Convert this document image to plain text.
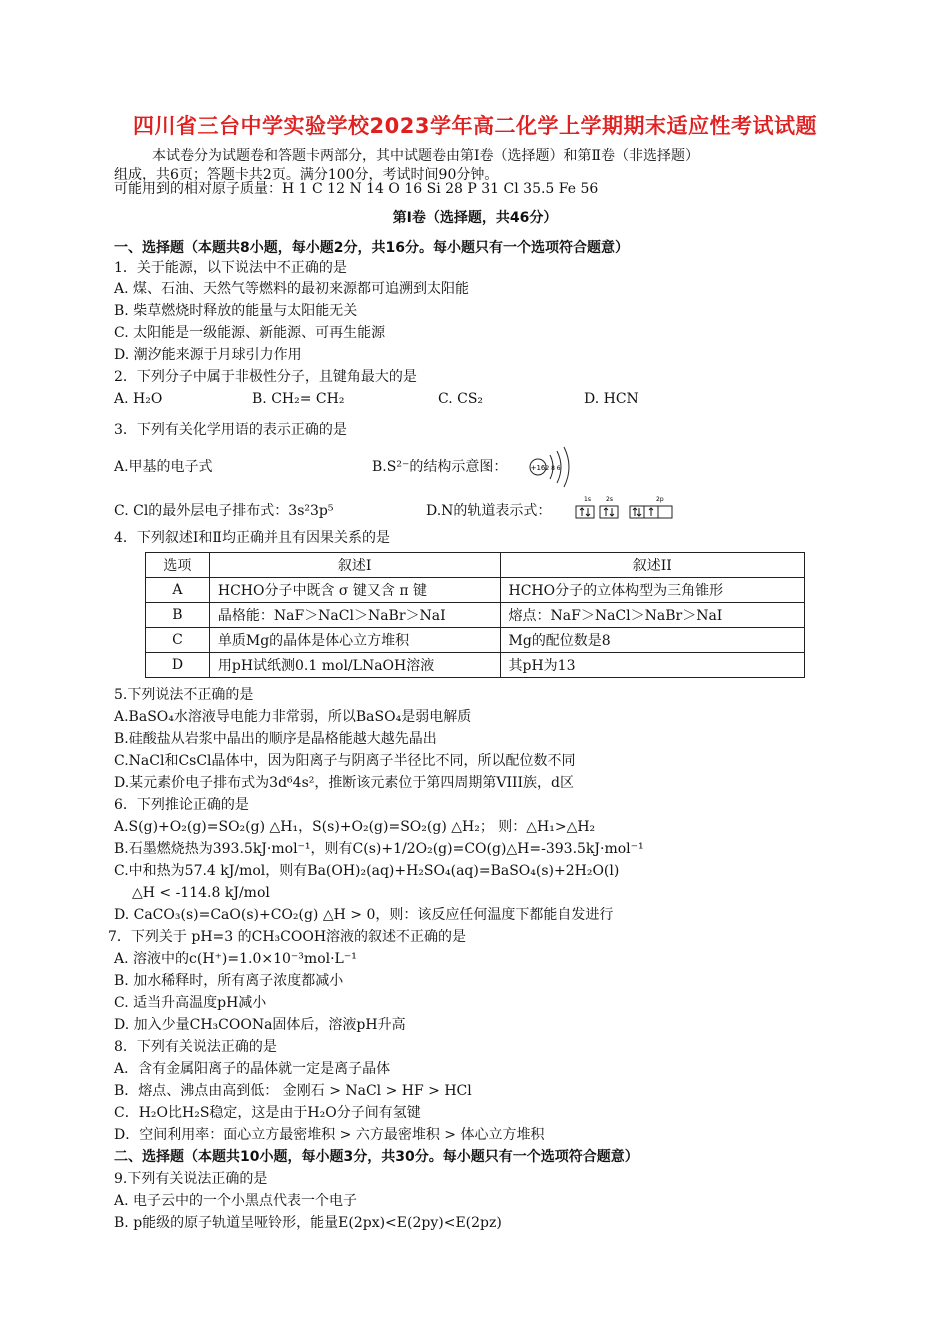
四川省三台中学实验学校2023学年高二化学上学期期末适应性考试试题
本试卷分为试题卷和答题卡两部分，其中试题卷由第Ⅰ卷（选择题）和第Ⅱ卷（非选择题）
组成，共6页；答题卡共2页。满分100分，考试时间90分钟。
可能用到的相对原子质量：H 1 C 12 N 14 O 16 Si 28 P 31 Cl 35.5 Fe 56
第Ⅰ卷（选择题，共46分）
一、选择题（本题共8小题，每小题2分，共16分。每小题只有一个选项符合题意）
1．关于能源，以下说法中不正确的是
A. 煤、石油、天然气等燃料的最初来源都可追溯到太阳能
B. 柴草燃烧时释放的能量与太阳能无关
C. 太阳能是一级能源、新能源、可再生能源
D. 潮汐能来源于月球引力作用
2．下列分子中属于非极性分子，且键角最大的是
A. H₂O	B. CH₂= CH₂	C. CS₂	D. HCN
3．下列有关化学用语的表示正确的是
A.甲基的电子式	B.S²⁻的结构示意图：	+16 2 8 6
C. Cl的最外层电子排布式：3s²3p⁵	D.N的轨道表示式：
1s	2s	2p
4．下列叙述Ⅰ和Ⅱ均正确并且有因果关系的是
选项	叙述Ⅰ	叙述II
A	HCHO分子中既含 σ 键又含 π 键	HCHO分子的立体构型为三角锥形
B	晶格能：NaF＞NaCl＞NaBr＞NaI	熔点：NaF＞NaCl＞NaBr＞NaI
C	单质Mg的晶体是体心立方堆积	Mg的配位数是8
D	用pH试纸测0.1 mol/LNaOH溶液	其pH为13
5.下列说法不正确的是
A.BaSO₄水溶液导电能力非常弱，所以BaSO₄是弱电解质
B.硅酸盐从岩浆中晶出的顺序是晶格能越大越先晶出
C.NaCl和CsCl晶体中，因为阳离子与阴离子半径比不同，所以配位数不同
D.某元素价电子排布式为3d⁶4s²，推断该元素位于第四周期第VIII族，d区
6．下列推论正确的是
A.S(g)+O₂(g)=SO₂(g) △H₁，S(s)+O₂(g)=SO₂(g) △H₂； 则：△H₁>△H₂
B.石墨燃烧热为393.5kJ·mol⁻¹，则有C(s)+1/2O₂(g)=CO(g)△H=-393.5kJ·mol⁻¹
C.中和热为57.4 kJ/mol，则有Ba(OH)₂(aq)+H₂SO₄(aq)=BaSO₄(s)+2H₂O(l)
△H < -114.8 kJ/mol
D. CaCO₃(s)=CaO(s)+CO₂(g) △H > 0，则：该反应任何温度下都能自发进行
7．下列关于 pH=3 的CH₃COOH溶液的叙述不正确的是
A. 溶液中的c(H⁺)=1.0×10⁻³mol·L⁻¹
B. 加水稀释时，所有离子浓度都减小
C. 适当升高温度pH减小
D. 加入少量CH₃COONa固体后，溶液pH升高
8．下列有关说法正确的是
A．含有金属阳离子的晶体就一定是离子晶体
B．熔点、沸点由高到低： 金刚石 > NaCl > HF > HCl
C．H₂O比H₂S稳定，这是由于H₂O分子间有氢键
D．空间利用率：面心立方最密堆积 > 六方最密堆积 > 体心立方堆积
二、选择题（本题共10小题，每小题3分，共30分。每小题只有一个选项符合题意）
9.下列有关说法正确的是
A. 电子云中的一个小黑点代表一个电子
B. p能级的原子轨道呈哑铃形，能量E(2px)<E(2py)<E(2pz)
